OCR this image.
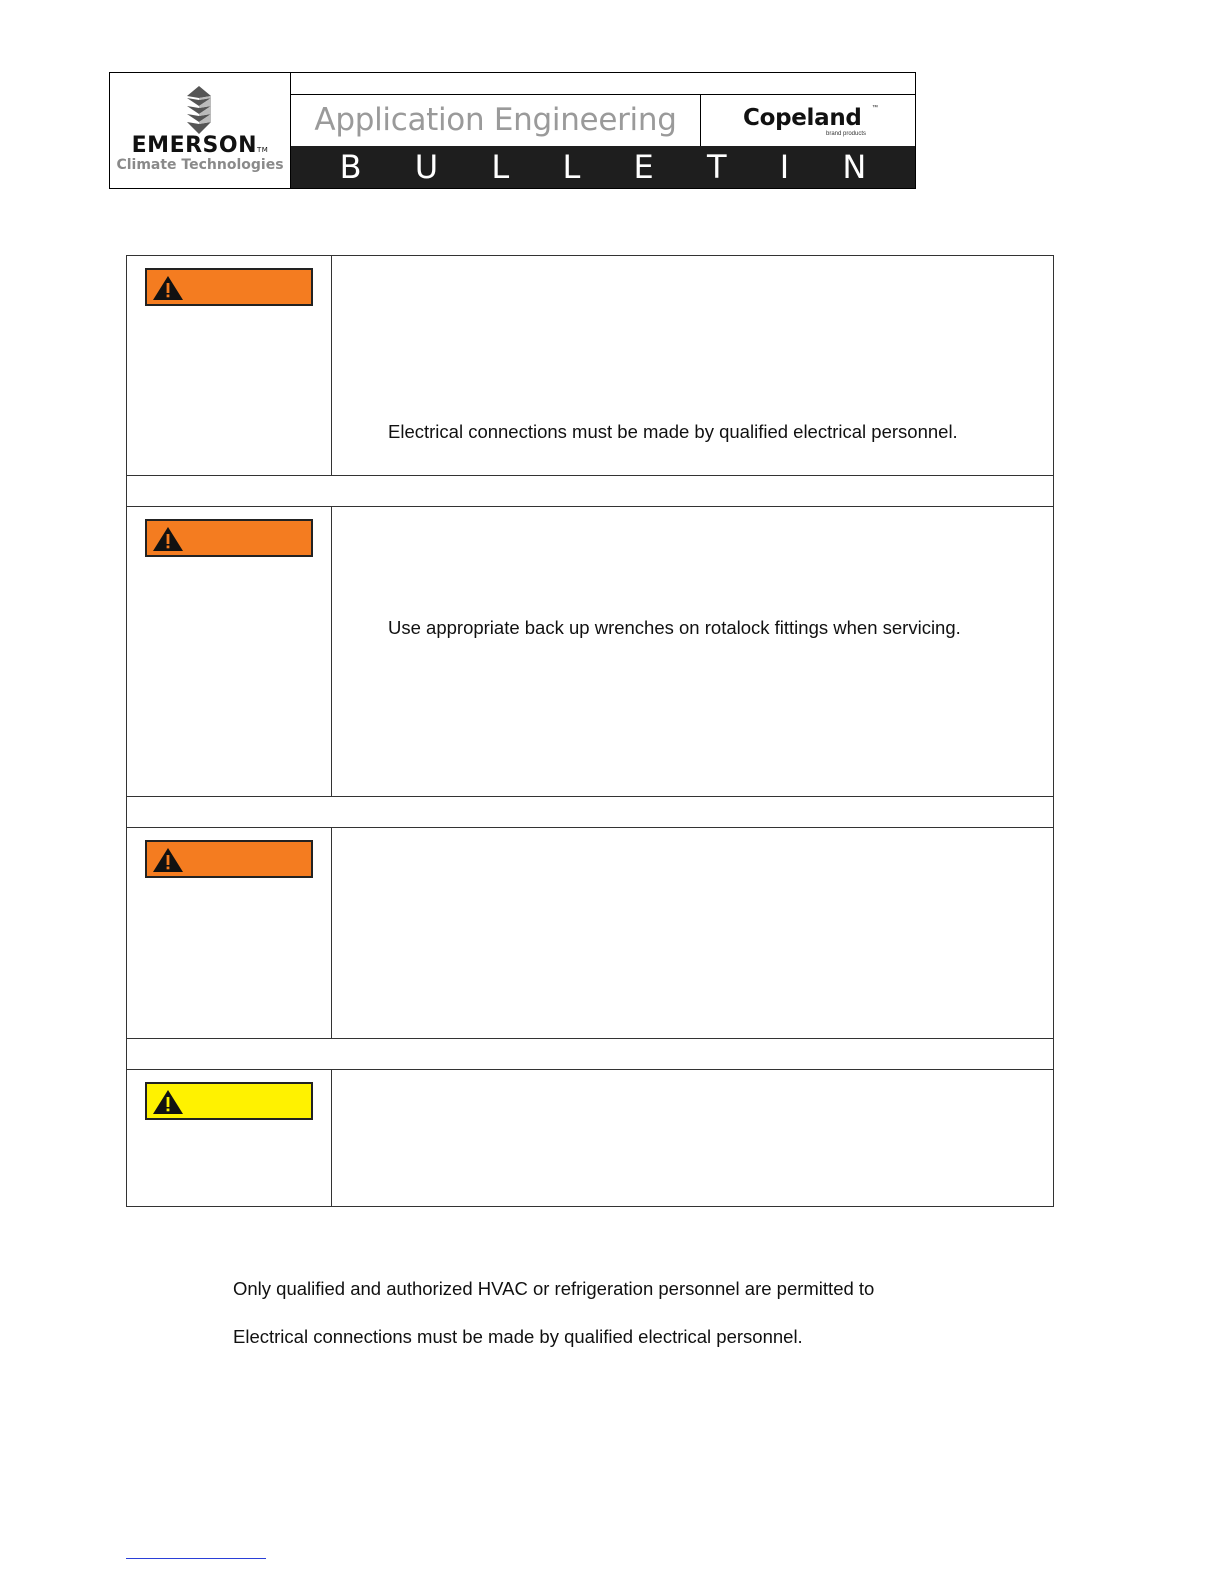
EMERSONTM
Climate Technologies
Application Engineering	Copeland ™
brand products
B U L L E T I N

Electrical connections must be made by qualified electrical personnel.

Use appropriate back up wrenches on rotalock fittings when servicing.

Only qualified and authorized HVAC or refrigeration personnel are permitted to
Electrical connections must be made by qualified electrical personnel.
